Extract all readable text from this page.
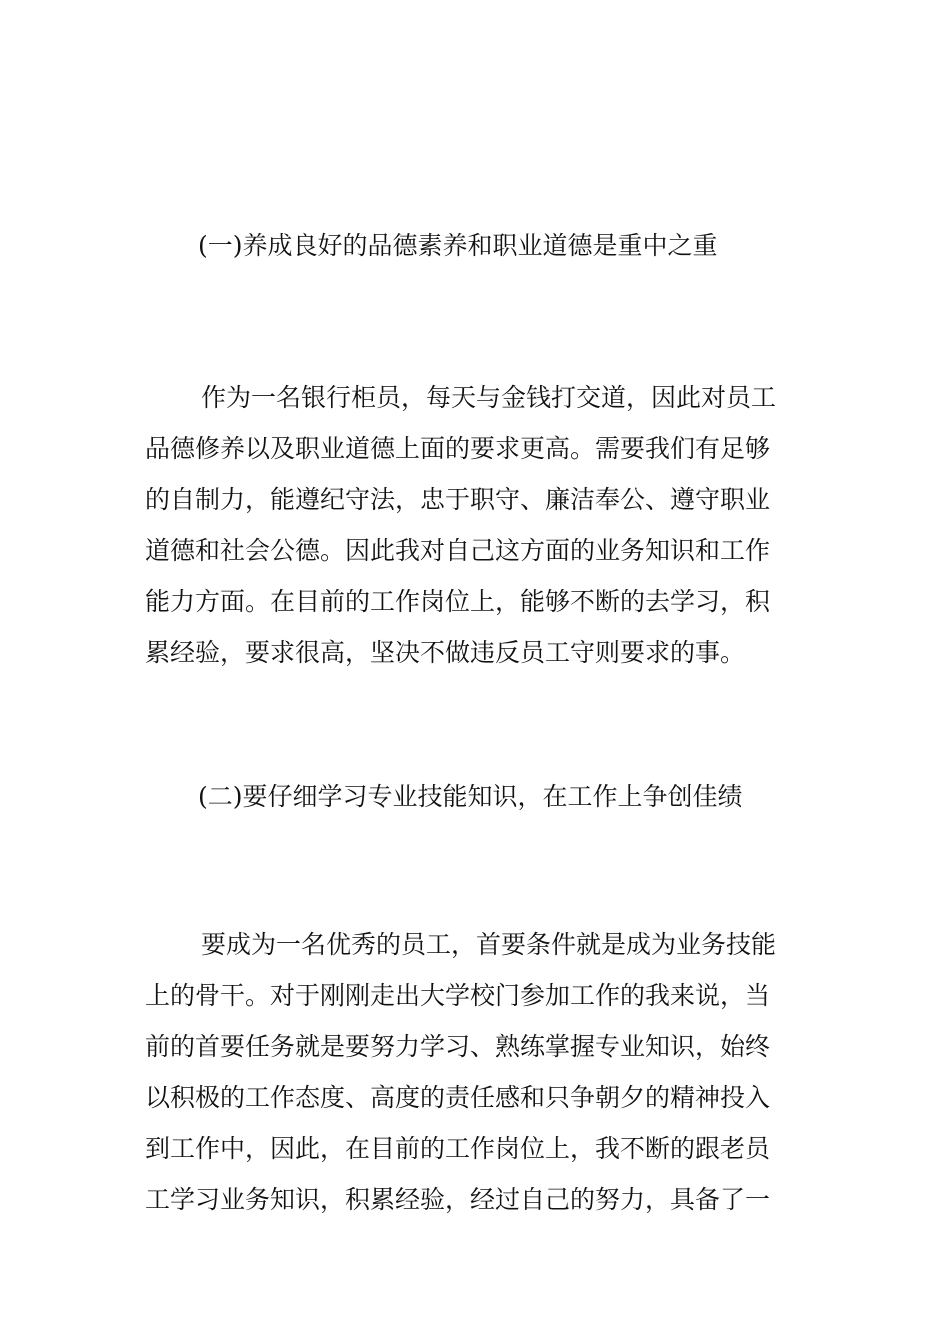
(一)养成良好的品德素养和职业道德是重中之重
作为一名银行柜员，每天与金钱打交道，因此对员工
品德修养以及职业道德上面的要求更高。需要我们有足够
的自制力，能遵纪守法，忠于职守、廉洁奉公、遵守职业
道德和社会公德。因此我对自己这方面的业务知识和工作
能力方面。在目前的工作岗位上，能够不断的去学习，积
累经验，要求很高，坚决不做违反员工守则要求的事。
(二)要仔细学习专业技能知识，在工作上争创佳绩
要成为一名优秀的员工，首要条件就是成为业务技能
上的骨干。对于刚刚走出大学校门参加工作的我来说，当
前的首要任务就是要努力学习、熟练掌握专业知识，始终
以积极的工作态度、高度的责任感和只争朝夕的精神投入
到工作中，因此，在目前的工作岗位上，我不断的跟老员
工学习业务知识，积累经验，经过自己的努力，具备了一
